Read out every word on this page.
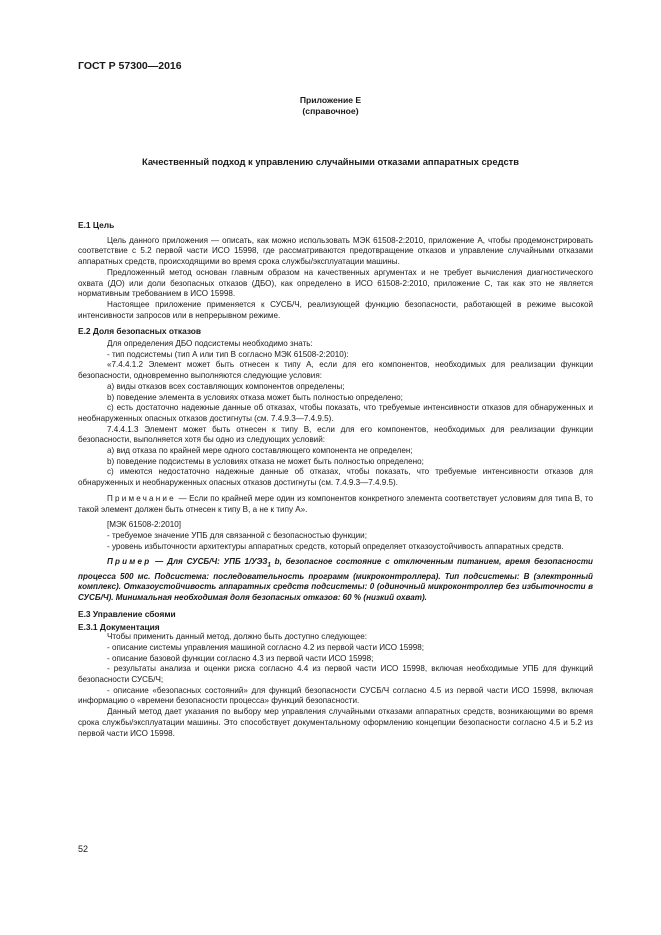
ГОСТ Р 57300—2016
Приложение Е
(справочное)
Качественный подход к управлению случайными отказами аппаратных средств

Е.1 Цель

Цель данного приложения — описать, как можно использовать МЭК 61508-2:2010, приложение А, чтобы продемонстрировать соответствие с 5.2 первой части ИСО 15998, где рассматриваются предотвращение отказов и управление случайными отказами аппаратных средств, происходящими во время срока службы/эксплуатации машины.

Предложенный метод основан главным образом на качественных аргументах и не требует вычисления диагностического охвата (ДО) или доли безопасных отказов (ДБО), как определено в ИСО 61508-2:2010, приложение С, так как это не является нормативным требованием в ИСО 15998.

Настоящее приложение применяется к СУСБ/Ч, реализующей функцию безопасности, работающей в режиме высокой интенсивности запросов или в непрерывном режиме.

Е.2 Доля безопасных отказов

Для определения ДБО подсистемы необходимо знать:

- тип подсистемы (тип А или тип В согласно МЭК 61508-2:2010):

«7.4.4.1.2 Элемент может быть отнесен к типу А, если для его компонентов, необходимых для реализации функции безопасности, одновременно выполняются следующие условия:

a) виды отказов всех составляющих компонентов определены;

b) поведение элемента в условиях отказа может быть полностью определено;

c) есть достаточно надежные данные об отказах, чтобы показать, что требуемые интенсивности отказов для обнаруженных и необнаруженных опасных отказов достигнуты (см. 7.4.9.3—7.4.9.5).

7.4.4.1.3 Элемент может быть отнесен к типу В, если для его компонентов, необходимых для реализации функции безопасности, выполняется хотя бы одно из следующих условий:

a) вид отказа по крайней мере одного составляющего компонента не определен;

b) поведение подсистемы в условиях отказа не может быть полностью определено;

c) имеются недостаточно надежные данные об отказах, чтобы показать, что требуемые интенсивности отказов для обнаруженных и необнаруженных опасных отказов достигнуты (см. 7.4.9.3—7.4.9.5).

Примечание — Если по крайней мере один из компонентов конкретного элемента соответствует условиям для типа В, то такой элемент должен быть отнесен к типу В, а не к типу А».

[МЭК 61508-2:2010]

- требуемое значение УПБ для связанной с безопасностью функции;

- уровень избыточности архитектуры аппаратных средств, который определяет отказоустойчивость аппаратных средств.

Пример — Для СУСБ/Ч: УПБ $1/УЭЗ_1$ b, безопасное состояние с отключенным питанием, время безопасности процесса 500 мс. Подсистема: последовательность программ (микроконтроллера). Тип подсистемы: В (электронный комплекс). Отказоустойчивость аппаратных средств подсистемы: 0 (одиночный микроконтроллер без избыточности в СУСБ/Ч). Минимальная необходимая доля безопасных отказов: 60 % (низкий охват).

Е.3 Управление сбоями

Е.3.1 Документация

Чтобы применить данный метод, должно быть доступно следующее:

- описание системы управления машиной согласно 4.2 из первой части ИСО 15998;

- описание базовой функции согласно 4.3 из первой части ИСО 15998;

- результаты анализа и оценки риска согласно 4.4 из первой части ИСО 15998, включая необходимые УПБ для функций безопасности СУСБ/Ч;

- описание «безопасных состояний» для функций безопасности СУСБ/Ч согласно 4.5 из первой части ИСО 15998, включая информацию о «времени безопасности процесса» функций безопасности.

Данный метод дает указания по выбору мер управления случайными отказами аппаратных средств, возникающими во время срока службы/эксплуатации машины. Это способствует документальному оформлению концепции безопасности согласно 4.5 и 5.2 из первой части ИСО 15998.

52
